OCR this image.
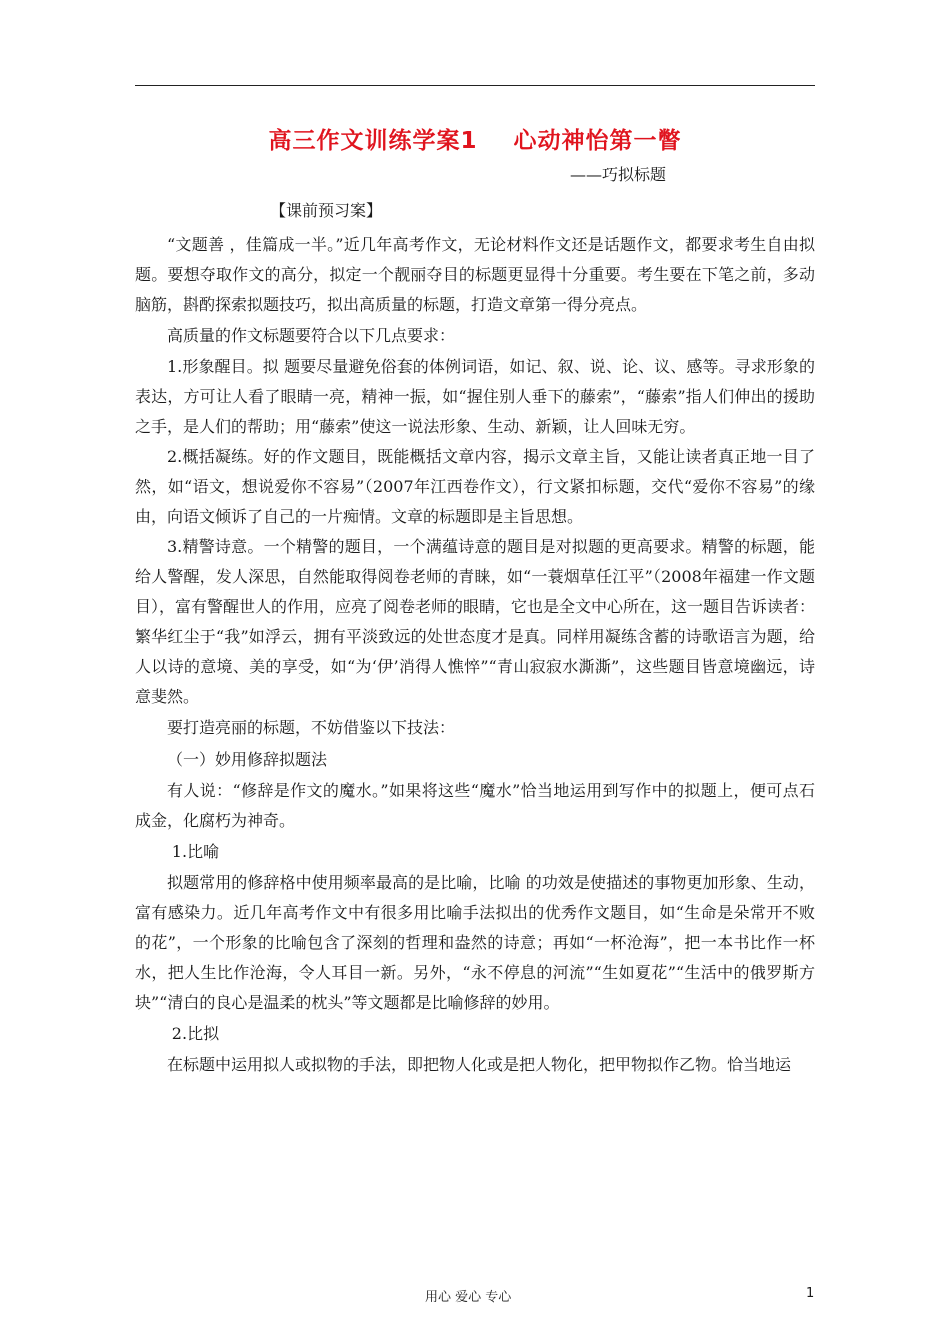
高三作文训练学案1 心动神怡第一瞥
——巧拟标题
【课前预习案】

“文题善 ，佳篇成一半。”近几年高考作文，无论材料作文还是话题作文，都要求考生自由拟题。要想夺取作文的高分，拟定一个靓丽夺目的标题更显得十分重要。考生要在下笔之前，多动脑筋，斟酌探索拟题技巧，拟出高质量的标题，打造文章第一得分亮点。

高质量的作文标题要符合以下几点要求：

1.形象醒目。拟 题要尽量避免俗套的体例词语，如记、叙、说、论、议、感等。寻求形象的表达，方可让人看了眼睛一亮，精神一振，如“握住别人垂下的藤索”，“藤索”指人们伸出的援助之手，是人们的帮助；用“藤索”使这一说法形象、生动、新颖，让人回味无穷。

2.概括凝练。好的作文题目，既能概括文章内容，揭示文章主旨，又能让读者真正地一目了然，如“语文，想说爱你不容易”（2007年江西卷作文），行文紧扣标题，交代“爱你不容易”的缘由，向语文倾诉了自己的一片痴情。文章的标题即是主旨思想。

3.精警诗意。一个精警的题目，一个满蕴诗意的题目是对拟题的更高要求。精警的标题，能给人警醒，发人深思，自然能取得阅卷老师的青睐，如“一蓑烟草任江平”（2008年福建一作文题目），富有警醒世人的作用，应亮了阅卷老师的眼睛，它也是全文中心所在，这一题目告诉读者：繁华红尘于“我”如浮云，拥有平淡致远的处世态度才是真。同样用凝练含蓄的诗歌语言为题，给人以诗的意境、美的享受，如“为‘伊’消得人憔悴”“青山寂寂水澌澌”，这些题目皆意境幽远，诗意斐然。

要打造亮丽的标题，不妨借鉴以下技法：

（一）妙用修辞拟题法

有人说：“修辞是作文的魔水。”如果将这些“魔水”恰当地运用到写作中的拟题上，便可点石成金，化腐朽为神奇。

1.比喻

拟题常用的修辞格中使用频率最高的是比喻，比喻 的功效是使描述的事物更加形象、生动，富有感染力。近几年高考作文中有很多用比喻手法拟出的优秀作文题目，如“生命是朵常开不败的花”，一个形象的比喻包含了深刻的哲理和盎然的诗意；再如“一杯沧海”，把一本书比作一杯水，把人生比作沧海，令人耳目一新。另外，“永不停息的河流”“生如夏花”“生活中的俄罗斯方块”“清白的良心是温柔的枕头”等文题都是比喻修辞的妙用。

2.比拟

在标题中运用拟人或拟物的手法，即把物人化或是把人物化，把甲物拟作乙物。恰当地运

用心 爱心 专心	1
